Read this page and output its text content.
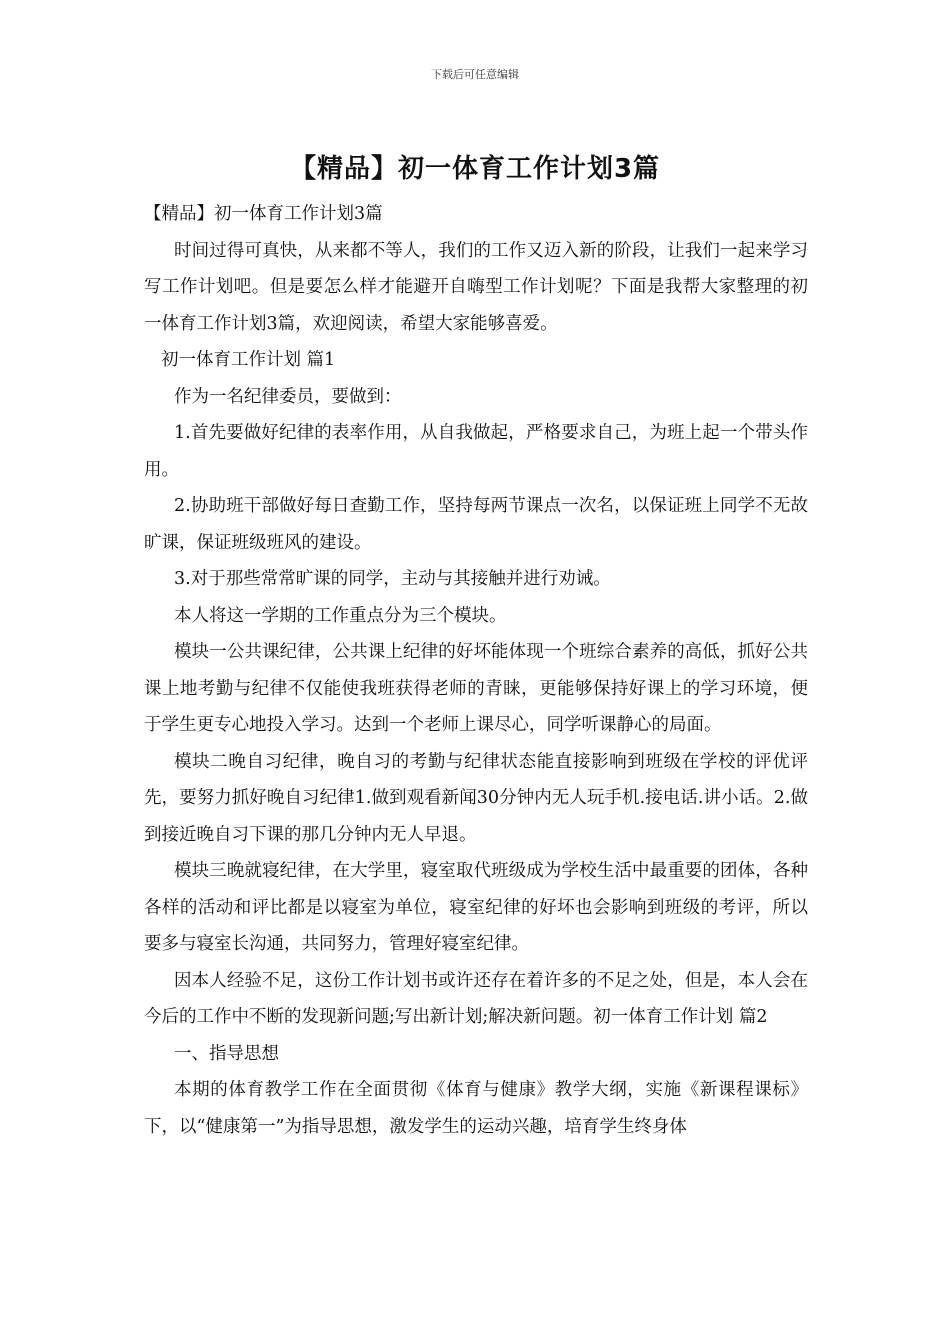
下载后可任意编辑
【精品】初一体育工作计划3篇

【精品】初一体育工作计划3篇

时间过得可真快，从来都不等人，我们的工作又迈入新的阶段，让我们一起来学习写工作计划吧。但是要怎么样才能避开自嗨型工作计划呢？下面是我帮大家整理的初一体育工作计划3篇，欢迎阅读，希望大家能够喜爱。

初一体育工作计划 篇1

作为一名纪律委员，要做到：

1.首先要做好纪律的表率作用，从自我做起，严格要求自己，为班上起一个带头作用。

2.协助班干部做好每日查勤工作，坚持每两节课点一次名，以保证班上同学不无故旷课，保证班级班风的建设。

3.对于那些常常旷课的同学，主动与其接触并进行劝诫。

本人将这一学期的工作重点分为三个模块。

模块一公共课纪律，公共课上纪律的好坏能体现一个班综合素养的高低，抓好公共课上地考勤与纪律不仅能使我班获得老师的青睐，更能够保持好课上的学习环境，便于学生更专心地投入学习。达到一个老师上课尽心，同学听课静心的局面。

模块二晚自习纪律，晚自习的考勤与纪律状态能直接影响到班级在学校的评优评先，要努力抓好晚自习纪律1.做到观看新闻30分钟内无人玩手机.接电话.讲小话。2.做到接近晚自习下课的那几分钟内无人早退。

模块三晚就寝纪律，在大学里，寝室取代班级成为学校生活中最重要的团体，各种各样的活动和评比都是以寝室为单位，寝室纪律的好坏也会影响到班级的考评，所以要多与寝室长沟通，共同努力，管理好寝室纪律。

因本人经验不足，这份工作计划书或许还存在着许多的不足之处，但是，本人会在今后的工作中不断的发现新问题;写出新计划;解决新问题。初一体育工作计划 篇2

一、指导思想

本期的体育教学工作在全面贯彻《体育与健康》教学大纲，实施《新课程课标》下，以“健康第一”为指导思想，激发学生的运动兴趣，培育学生终身体
